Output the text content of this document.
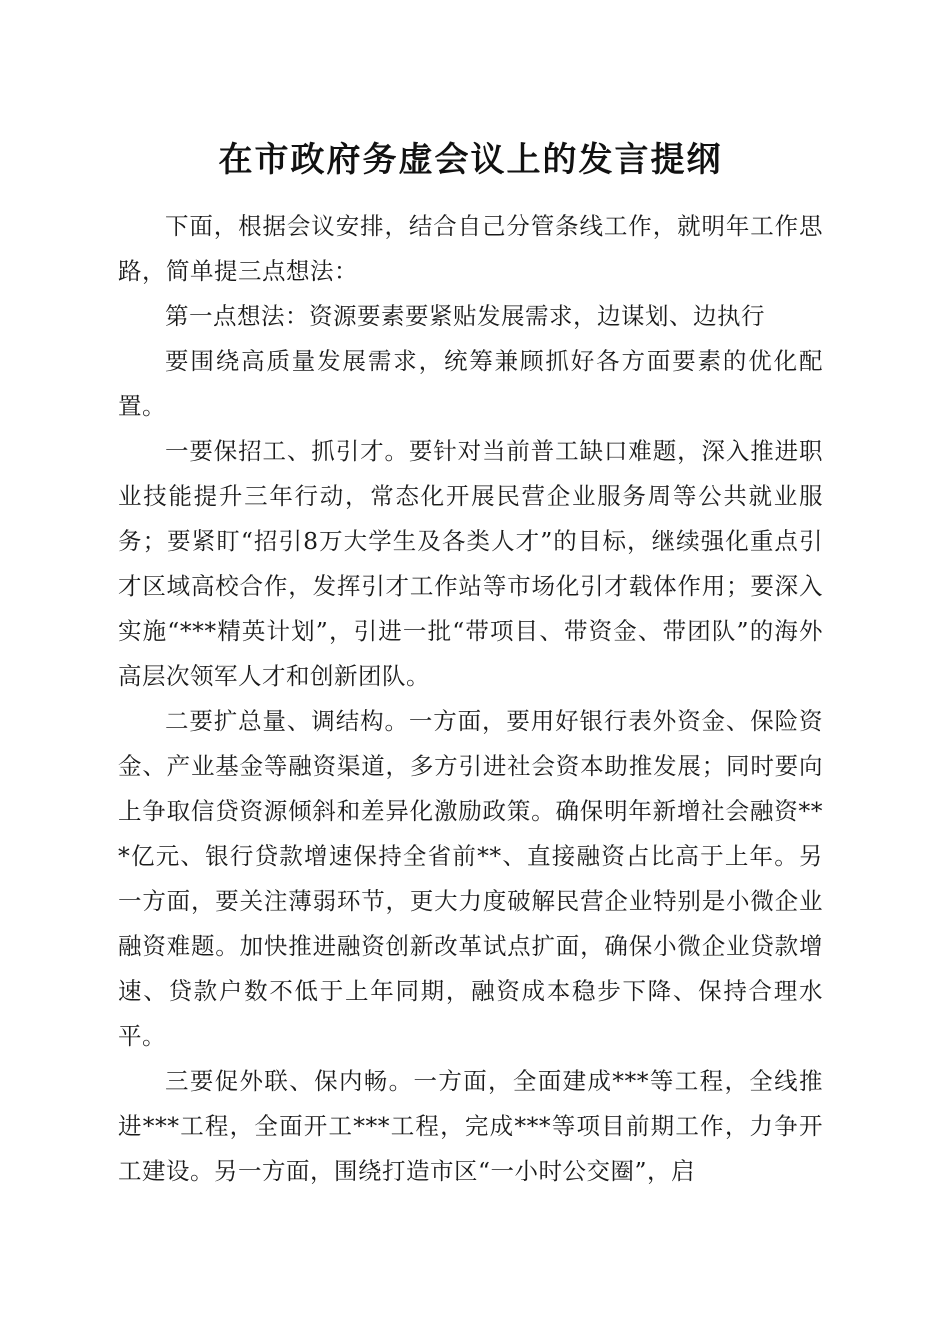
在市政府务虚会议上的发言提纲

下面，根据会议安排，结合自己分管条线工作，就明年工作思路，简单提三点想法：

第一点想法：资源要素要紧贴发展需求，边谋划、边执行

要围绕高质量发展需求，统筹兼顾抓好各方面要素的优化配置。

一要保招工、抓引才。要针对当前普工缺口难题，深入推进职业技能提升三年行动，常态化开展民营企业服务周等公共就业服务；要紧盯“招引8万大学生及各类人才”的目标，继续强化重点引才区域高校合作，发挥引才工作站等市场化引才载体作用；要深入实施“***精英计划”，引进一批“带项目、带资金、带团队”的海外高层次领军人才和创新团队。

二要扩总量、调结构。一方面，要用好银行表外资金、保险资金、产业基金等融资渠道，多方引进社会资本助推发展；同时要向上争取信贷资源倾斜和差异化激励政策。确保明年新增社会融资***亿元、银行贷款增速保持全省前**、直接融资占比高于上年。另一方面，要关注薄弱环节，更大力度破解民营企业特别是小微企业融资难题。加快推进融资创新改革试点扩面，确保小微企业贷款增速、贷款户数不低于上年同期，融资成本稳步下降、保持合理水平。

三要促外联、保内畅。一方面，全面建成***等工程，全线推进***工程，全面开工***工程，完成***等项目前期工作，力争开工建设。另一方面，围绕打造市区“一小时公交圈”，启
